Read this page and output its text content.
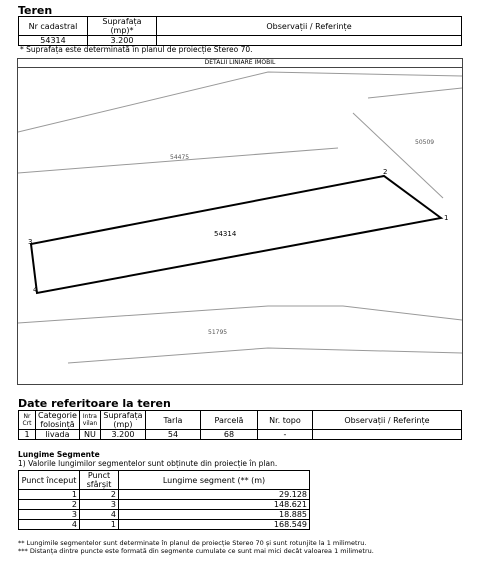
Teren
Nr cadastral	Suprafața (mp)*	Observații / Referințe
54314	3.200	
* Suprafața este determinată în planul de proiecție Stereo 70.
DETALII LINIARE IMOBIL
54475
50509
51795
54314
1
2
3
4
Date referitoare la teren
Nr Crt	Categorie folosință	Intra vilan	Suprafața (mp)	Tarla	Parcelă	Nr. topo	Observații / Referințe
1	livada	NU	3.200	54	68	-	
Lungime Segmente
1) Valorile lungimilor segmentelor sunt obținute din proiecție în plan.
Punct început	Punct sfârșit	Lungime segment (** (m)
1	2	29.128
2	3	148.621
3	4	18.885
4	1	168.549
** Lungimile segmentelor sunt determinate în planul de proiecție Stereo 70 și sunt rotunjite la 1 milimetru.
*** Distanța dintre puncte este formată din segmente cumulate ce sunt mai mici decât valoarea 1 milimetru.
